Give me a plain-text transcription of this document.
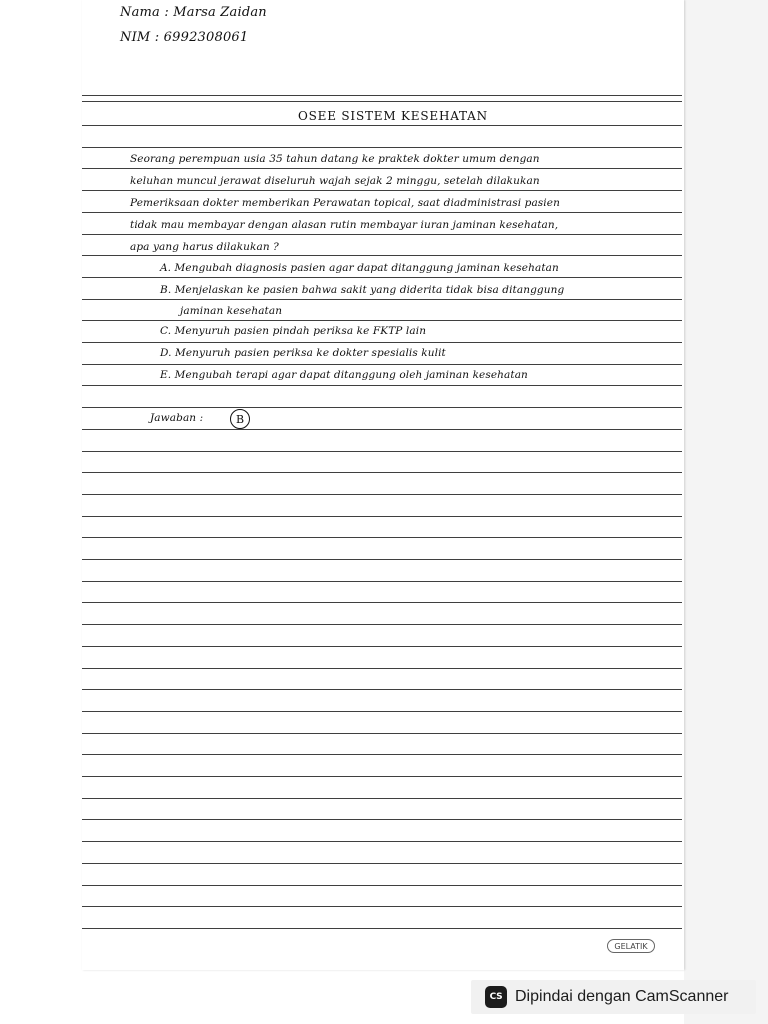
Nama : Marsa Zaidan
NIM : 6992308061
OSEE SISTEM KESEHATAN
Seorang perempuan usia 35 tahun datang ke praktek dokter umum dengan
keluhan muncul jerawat diseluruh wajah sejak 2 minggu, setelah dilakukan
Pemeriksaan dokter memberikan Perawatan topical, saat diadministrasi pasien
tidak mau membayar dengan alasan rutin membayar iuran jaminan kesehatan,
apa yang harus dilakukan ?
A. Mengubah diagnosis pasien agar dapat ditanggung jaminan kesehatan
B. Menjelaskan ke pasien bahwa sakit yang diderita tidak bisa ditanggung
jaminan kesehatan
C. Menyuruh pasien pindah periksa ke FKTP lain
D. Menyuruh pasien periksa ke dokter spesialis kulit
E. Mengubah terapi agar dapat ditanggung oleh jaminan kesehatan
Jawaban :	B
GELATIK
CS Dipindai dengan CamScanner
